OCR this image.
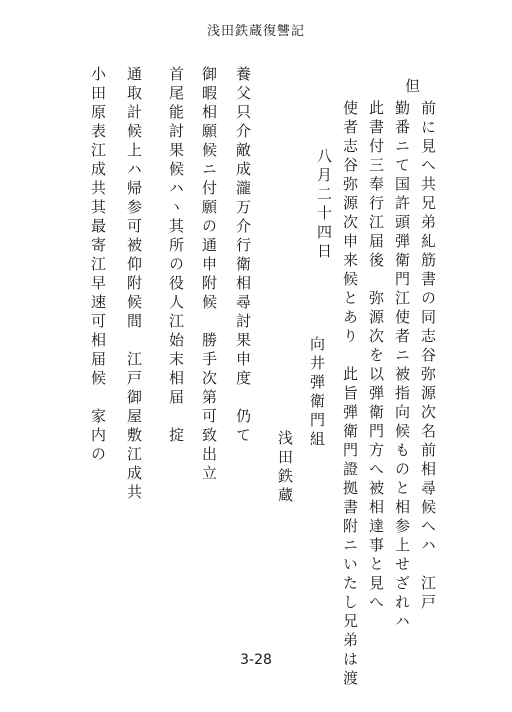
浅田鉄蔵復讐記
但
前に見へ共兄弟糺筋書の同志谷弥源次名前相尋候へハ　江戸
勤番ニて国許頭弾衛門江使者ニ被指向候ものと相参上せざれハ
此書付三奉行江届後　弥源次を以弾衛門方へ被相達事と見へ
使者志谷弥源次申来候とあり　此旨弾衛門證拠書附ニいたし兄弟は渡
八月二十四日
向井弾衛門組
浅田鉄蔵
養父只介敵成瀧万介行衛相尋討果申度　仍て
御暇相願候ニ付願の通申附候　勝手次第可致出立
首尾能討果候ハヽ其所の役人江始末相届　掟
通取計候上ハ帰参可被仰附候間　江戸御屋敷江成共
小田原表江成共其最寄江早速可相届候　家内の
3-28
